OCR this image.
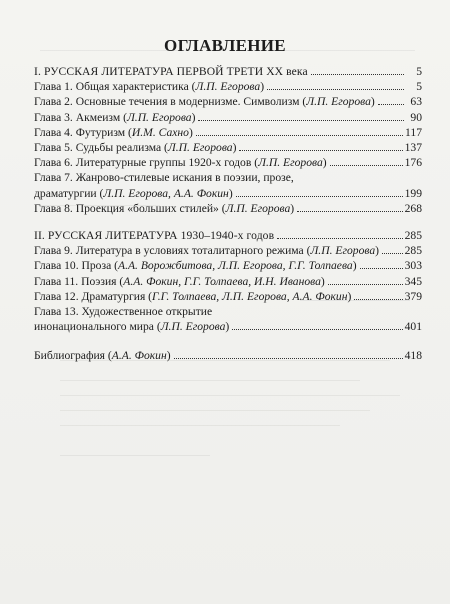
ОГЛАВЛЕНИЕ
I. РУССКАЯ ЛИТЕРАТУРА ПЕРВОЙ ТРЕТИ XX века	5
Глава 1. Общая характеристика (Л.П. Егорова)	5
Глава 2. Основные течения в модернизме. Символизм (Л.П. Егорова)	63
Глава 3. Акмеизм (Л.П. Егорова)	90
Глава 4. Футуризм (И.М. Сахно)	117
Глава 5. Судьбы реализма (Л.П. Егорова)	137
Глава 6. Литературные группы 1920-х годов (Л.П. Егорова)	176
Глава 7. Жанрово-стилевые искания в поэзии, прозе,
драматургии (Л.П. Егорова, А.А. Фокин)	199
Глава 8. Проекция «больших стилей» (Л.П. Егорова)	268
II. РУССКАЯ ЛИТЕРАТУРА 1930–1940-х годов	285
Глава 9. Литература в условиях тоталитарного режима (Л.П. Егорова) 285
Глава 10. Проза (А.А. Ворожбитова, Л.П. Егорова, Г.Г. Толпаева)	303
Глава 11. Поэзия (А.А. Фокин, Г.Г. Толпаева, И.Н. Иванова)	345
Глава 12. Драматургия (Г.Г. Толпаева, Л.П. Егорова, А.А. Фокин)	379
Глава 13. Художественное открытие
инонационального мира (Л.П. Егорова)	401
Библиография (А.А. Фокин)	418
